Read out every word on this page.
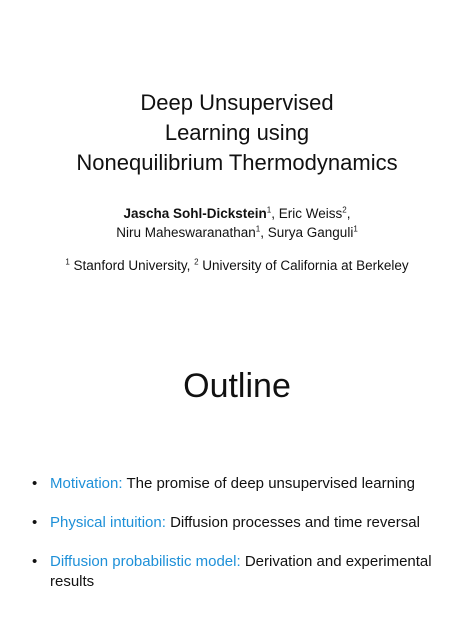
Deep Unsupervised
Learning using
Nonequilibrium Thermodynamics
Jascha Sohl-Dickstein$^1$, Eric Weiss$^2$,
Niru Maheswaranathan$^1$, Surya Ganguli$^1$
$^1$ Stanford University, $^2$ University of California at Berkeley
Outline
• Motivation: The promise of deep unsupervised learning
• Physical intuition: Diffusion processes and time reversal
• Diffusion probabilistic model: Derivation and experimental results
